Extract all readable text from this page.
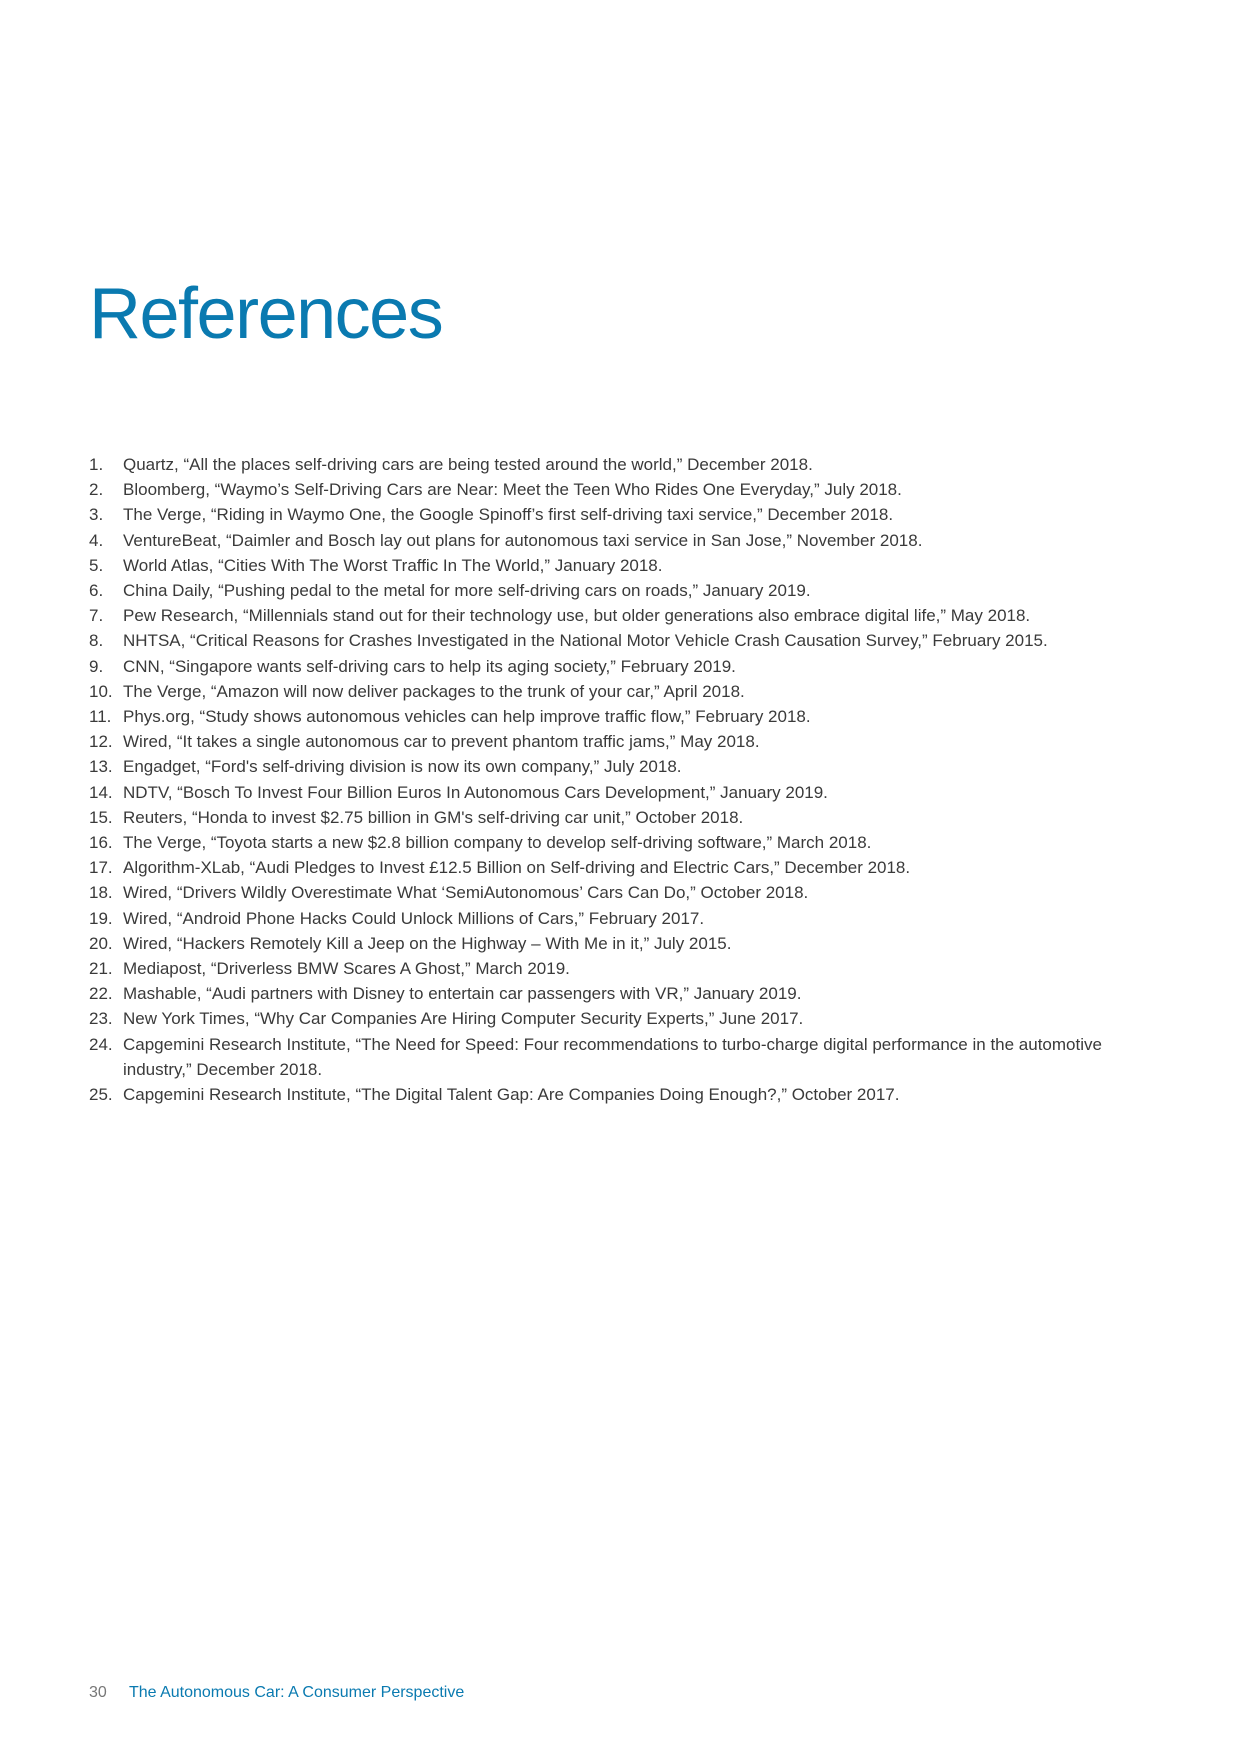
References
1.	Quartz, “All the places self-driving cars are being tested around the world,” December 2018.
2.	Bloomberg, “Waymo’s Self-Driving Cars are Near: Meet the Teen Who Rides One Everyday,” July 2018.
3.	The Verge, “Riding in Waymo One, the Google Spinoff’s first self-driving taxi service,” December 2018.
4.	VentureBeat, “Daimler and Bosch lay out plans for autonomous taxi service in San Jose,” November 2018.
5.	World Atlas, “Cities With The Worst Traffic In The World,” January 2018.
6.	China Daily, “Pushing pedal to the metal for more self-driving cars on roads,” January 2019.
7.	Pew Research, “Millennials stand out for their technology use, but older generations also embrace digital life,” May 2018.
8.	NHTSA, “Critical Reasons for Crashes Investigated in the National Motor Vehicle Crash Causation Survey,” February 2015.
9.	CNN, “Singapore wants self-driving cars to help its aging society,” February 2019.
10. The Verge, “Amazon will now deliver packages to the trunk of your car,” April 2018.
11. Phys.org, “Study shows autonomous vehicles can help improve traffic flow,” February 2018.
12. Wired, “It takes a single autonomous car to prevent phantom traffic jams,” May 2018.
13. Engadget, “Ford's self-driving division is now its own company,” July 2018.
14. NDTV, “Bosch To Invest Four Billion Euros In Autonomous Cars Development,” January 2019.
15. Reuters, “Honda to invest $2.75 billion in GM's self-driving car unit,” October 2018.
16. The Verge, “Toyota starts a new $2.8 billion company to develop self-driving software,” March 2018.
17. Algorithm-XLab, “Audi Pledges to Invest £12.5 Billion on Self-driving and Electric Cars,” December 2018.
18. Wired, “Drivers Wildly Overestimate What ‘SemiAutonomous’ Cars Can Do,” October 2018.
19. Wired, “Android Phone Hacks Could Unlock Millions of Cars,” February 2017.
20. Wired, “Hackers Remotely Kill a Jeep on the Highway – With Me in it,” July 2015.
21. Mediapost, “Driverless BMW Scares A Ghost,” March 2019.
22. Mashable, “Audi partners with Disney to entertain car passengers with VR,” January 2019.
23. New York Times, “Why Car Companies Are Hiring Computer Security Experts,” June 2017.
24. Capgemini Research Institute, “The Need for Speed: Four recommendations to turbo-charge digital performance in the automotive industry,” December 2018.
25. Capgemini Research Institute, “The Digital Talent Gap: Are Companies Doing Enough?,” October 2017.
30 The Autonomous Car: A Consumer Perspective
